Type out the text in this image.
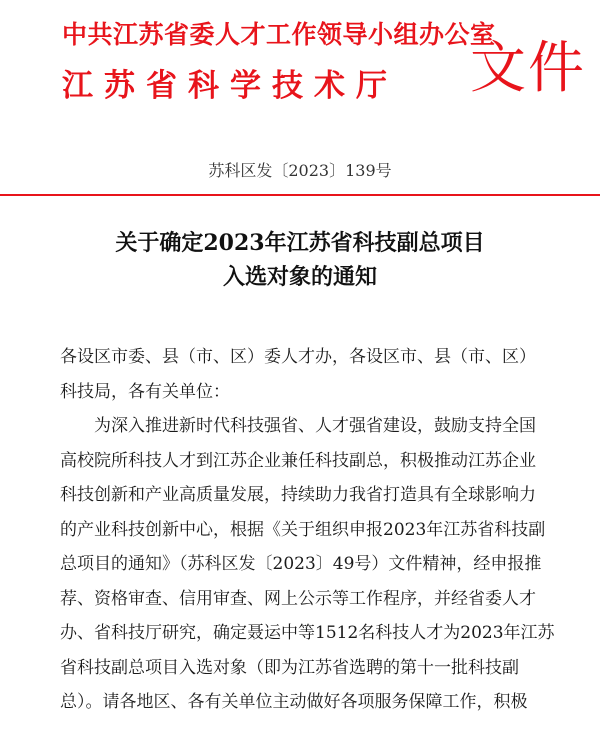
中共江苏省委人才工作领导小组办公室
江苏省科学技术厅 文件
苏科区发〔2023〕139号
关于确定2023年江苏省科技副总项目
入选对象的通知
各设区市委、县（市、区）委人才办，各设区市、县（市、区）
科技局，各有关单位：
为深入推进新时代科技强省、人才强省建设，鼓励支持全国
高校院所科技人才到江苏企业兼任科技副总，积极推动江苏企业
科技创新和产业高质量发展，持续助力我省打造具有全球影响力
的产业科技创新中心，根据《关于组织申报2023年江苏省科技副
总项目的通知》（苏科区发〔2023〕49号）文件精神，经申报推
荐、资格审查、信用审查、网上公示等工作程序，并经省委人才
办、省科技厅研究，确定聂运中等1512名科技人才为2023年江苏
省科技副总项目入选对象（即为江苏省选聘的第十一批科技副
总）。请各地区、各有关单位主动做好各项服务保障工作，积极
